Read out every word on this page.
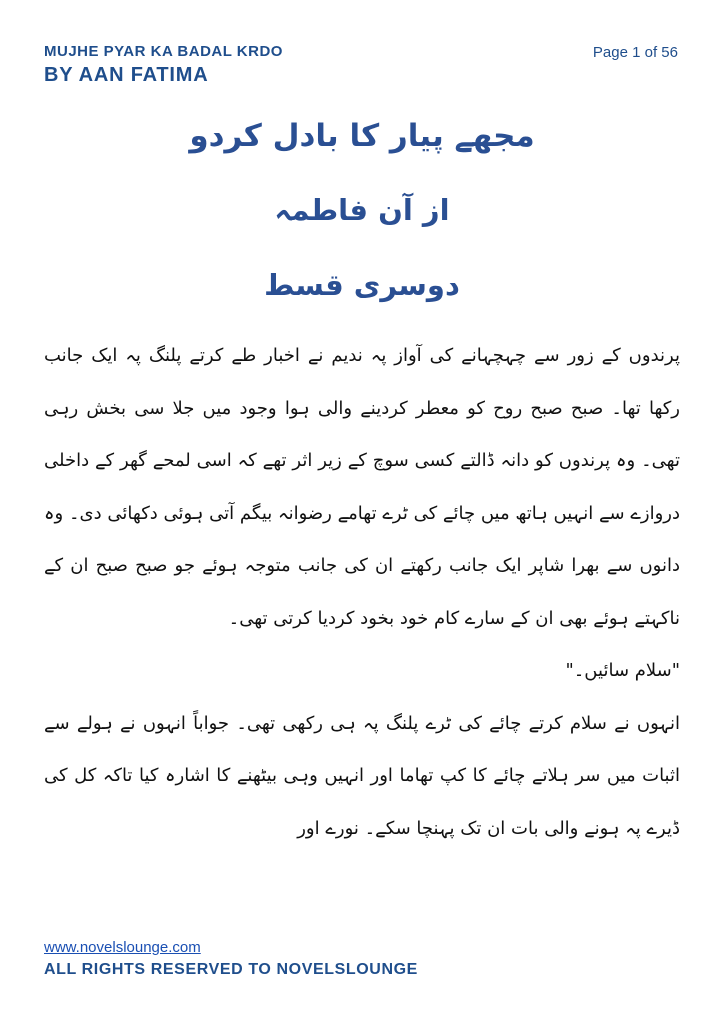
MUJHE PYAR KA BADAL KRDO
BY AAN FATIMA
Page 1 of 56
مجھے پیار کا بادل کردو
از آن فاطمہ
دوسری قسط

پرندوں کے زور سے چہچہانے کی آواز پہ ندیم نے اخبار طے کرتے پلنگ پہ ایک جانب رکھا تھا۔ صبح صبح روح کو معطر کردینے والی ہوا وجود میں جلا سی بخش رہی تھی۔ وہ پرندوں کو دانہ ڈالتے کسی سوچ کے زیر اثر تھے کہ اسی لمحے گھر کے داخلی دروازے سے انہیں ہاتھ میں چائے کی ٹرے تھامے رضوانہ بیگم آتی ہوئی دکھائی دی۔ وہ دانوں سے بھرا شاپر ایک جانب رکھتے ان کی جانب متوجہ ہوئے جو صبح صبح ان کے ناکہتے ہوئے بھی ان کے سارے کام خود بخود کردیا کرتی تھی۔

"سلام سائیں۔"

انہوں نے سلام کرتے چائے کی ٹرے پلنگ پہ ہی رکھی تھی۔ جواباً انہوں نے ہولے سے اثبات میں سر ہلاتے چائے کا کپ تھاما اور انہیں وہی بیٹھنے کا اشارہ کیا تاکہ کل کی ڈیرے پہ ہونے والی بات ان تک پہنچا سکے۔ نورے اور

www.novelslounge.com
ALL RIGHTS RESERVED TO NOVELSLOUNGE
